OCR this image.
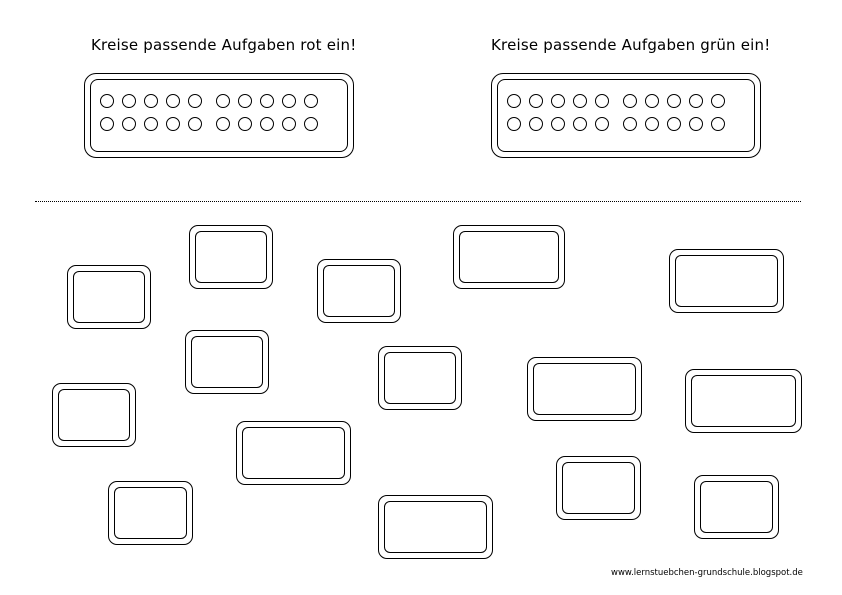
Kreise passende Aufgaben rot ein!	Kreise passende Aufgaben grün ein!
www.lernstuebchen-grundschule.blogspot.de
